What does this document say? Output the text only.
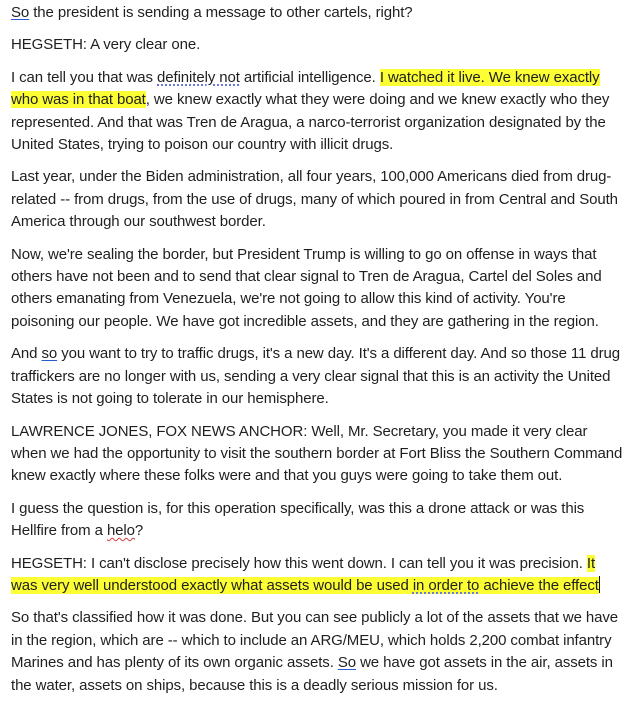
So the president is sending a message to other cartels, right?

HEGSETH: A very clear one.

I can tell you that was definitely not artificial intelligence. I watched it live. We knew exactly who was in that boat, we knew exactly what they were doing and we knew exactly who they represented. And that was Tren de Aragua, a narco-terrorist organization designated by the United States, trying to poison our country with illicit drugs.

Last year, under the Biden administration, all four years, 100,000 Americans died from drug-related -- from drugs, from the use of drugs, many of which poured in from Central and South America through our southwest border.

Now, we're sealing the border, but President Trump is willing to go on offense in ways that others have not been and to send that clear signal to Tren de Aragua, Cartel del Soles and others emanating from Venezuela, we're not going to allow this kind of activity. You're poisoning our people. We have got incredible assets, and they are gathering in the region.

And so you want to try to traffic drugs, it's a new day. It's a different day. And so those 11 drug traffickers are no longer with us, sending a very clear signal that this is an activity the United States is not going to tolerate in our hemisphere.

LAWRENCE JONES, FOX NEWS ANCHOR: Well, Mr. Secretary, you made it very clear when we had the opportunity to visit the southern border at Fort Bliss the Southern Command knew exactly where these folks were and that you guys were going to take them out.

I guess the question is, for this operation specifically, was this a drone attack or was this Hellfire from a helo?

HEGSETH: I can't disclose precisely how this went down. I can tell you it was precision. It was very well understood exactly what assets would be used in order to achieve the effect

So that's classified how it was done. But you can see publicly a lot of the assets that we have in the region, which are -- which to include an ARG/MEU, which holds 2,200 combat infantry Marines and has plenty of its own organic assets. So we have got assets in the air, assets in the water, assets on ships, because this is a deadly serious mission for us.
